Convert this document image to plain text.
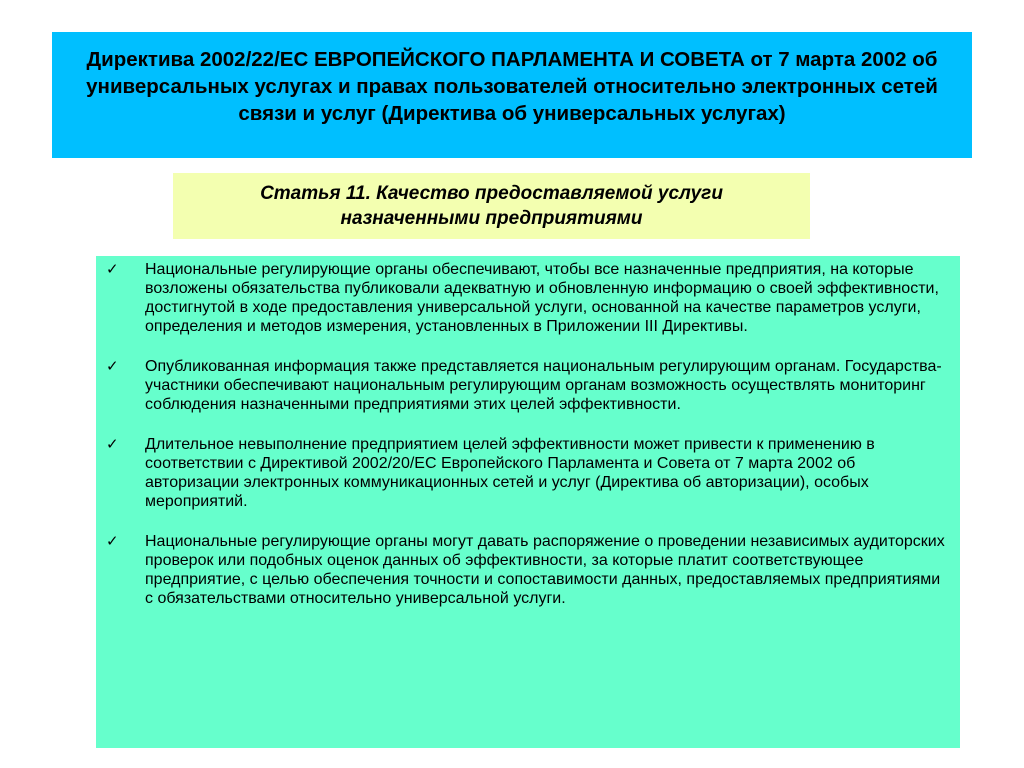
Директива 2002/22/ЕС ЕВРОПЕЙСКОГО ПАРЛАМЕНТА И СОВЕТА от 7 марта 2002 об универсальных услугах и правах пользователей относительно электронных сетей связи и услуг (Директива об универсальных услугах)

Статья 11. Качество предоставляемой услуги назначенными предприятиями

✓ Национальные регулирующие органы обеспечивают, чтобы все назначенные предприятия, на которые возложены обязательства публиковали адекватную и обновленную информацию о своей эффективности, достигнутой в ходе предоставления универсальной услуги, основанной на качестве параметров услуги, определения и методов измерения, установленных в Приложении III Директивы.

✓ Опубликованная информация также представляется национальным регулирующим органам. Государства-участники обеспечивают национальным регулирующим органам возможность осуществлять мониторинг соблюдения назначенными предприятиями этих целей эффективности.

✓ Длительное невыполнение предприятием целей эффективности может привести к применению в соответствии с Директивой 2002/20/ЕС Европейского Парламента и Совета от 7 марта 2002 об авторизации электронных коммуникационных сетей и услуг (Директива об авторизации), особых мероприятий.

✓ Национальные регулирующие органы могут давать распоряжение о проведении независимых аудиторских проверок или подобных оценок данных об эффективности, за которые платит соответствующее предприятие, с целью обеспечения точности и сопоставимости данных, предоставляемых предприятиями с обязательствами относительно универсальной услуги.
